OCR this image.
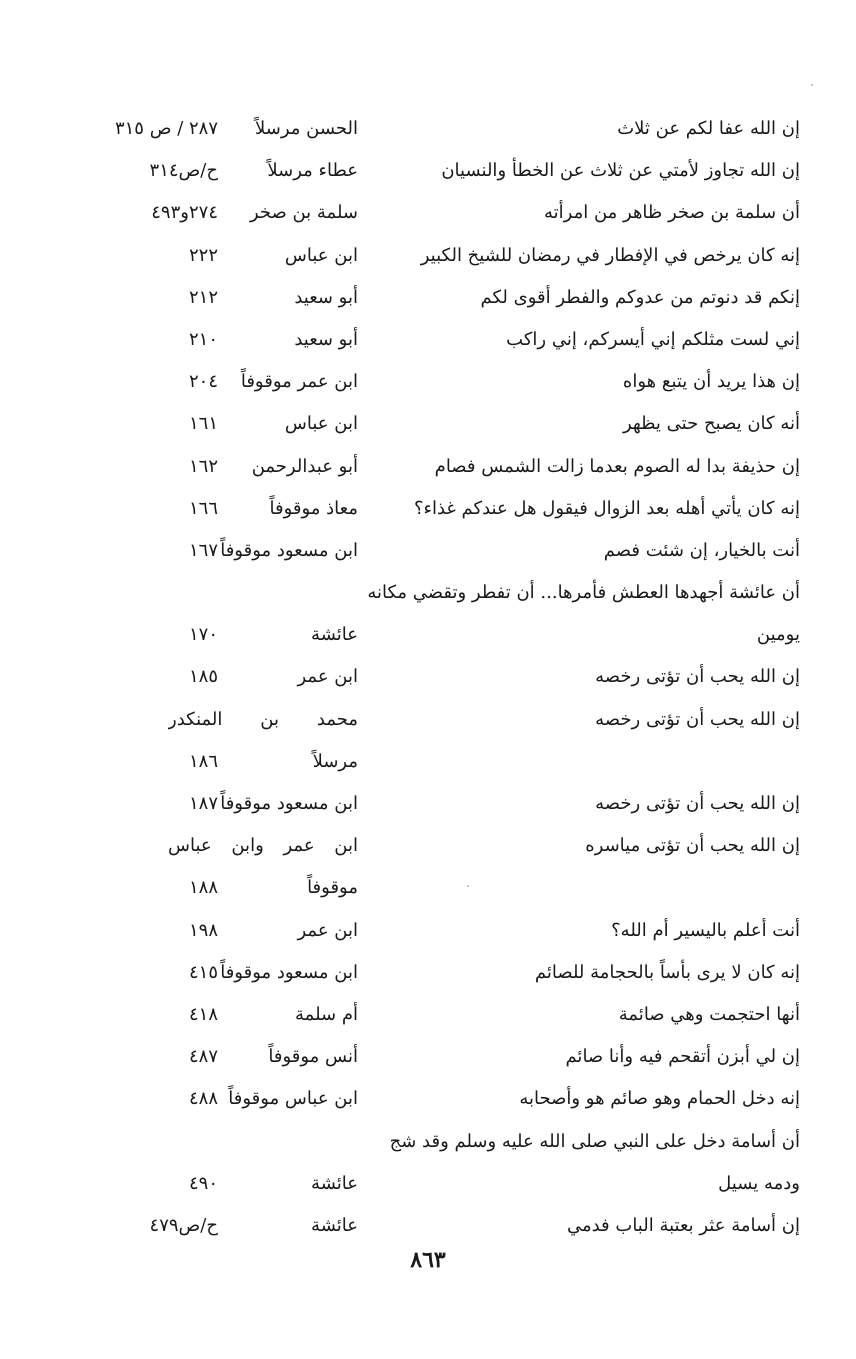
إن الله عفا لكم عن ثلاث
الحسن مرسلاً
٢٨٧ / ص ٣١٥
إن الله تجاوز لأمتي عن ثلاث عن الخطأ والنسيان
عطاء مرسلاً
ح/ص٣١٤
أن سلمة بن صخر ظاهر من امرأته
سلمة بن صخر
٢٧٤و٤٩٣
إنه كان يرخص في الإفطار في رمضان للشيخ الكبير
ابن عباس
٢٢٢
إنكم قد دنوتم من عدوكم والفطر أقوى لكم
أبو سعيد
٢١٢
إني لست مثلكم إني أيسركم، إني راكب
أبو سعيد
٢١٠
إن هذا يريد أن يتبع هواه
ابن عمر موقوفاً
٢٠٤
أنه كان يصبح حتى يظهر
ابن عباس
١٦١
إن حذيفة بدا له الصوم بعدما زالت الشمس فصام
أبو عبدالرحمن
١٦٢
إنه كان يأتي أهله بعد الزوال فيقول هل عندكم غذاء؟
معاذ موقوفاً
١٦٦
أنت بالخيار، إن شئت فصم
ابن مسعود موقوفاً
١٦٧
أن عائشة أجهدها العطش فأمرها... أن تفطر وتقضي مكانه
يومين
عائشة
١٧٠
إن الله يحب أن تؤتى رخصه
ابن عمر
١٨٥
إن الله يحب أن تؤتى رخصه
محمد بن المنكدر
مرسلاً
١٨٦
إن الله يحب أن تؤتى رخصه
ابن مسعود موقوفاً
١٨٧
إن الله يحب أن تؤتى مياسره
ابن عمر وابن عباس
موقوفاً
١٨٨
أنت أعلم باليسير أم الله؟
ابن عمر
١٩٨
إنه كان لا يرى بأساً بالحجامة للصائم
ابن مسعود موقوفاً
٤١٥
أنها احتجمت وهي صائمة
أم سلمة
٤١٨
إن لي أبزن أتقحم فيه وأنا صائم
أنس موقوفاً
٤٨٧
إنه دخل الحمام وهو صائم هو وأصحابه
ابن عباس موقوفاً
٤٨٨
أن أسامة دخل على النبي صلى الله عليه وسلم وقد شج
ودمه يسيل
عائشة
٤٩٠
إن أسامة عثر بعتبة الباب فدمي
عائشة
ح/ص٤٧٩
٨٦٣
